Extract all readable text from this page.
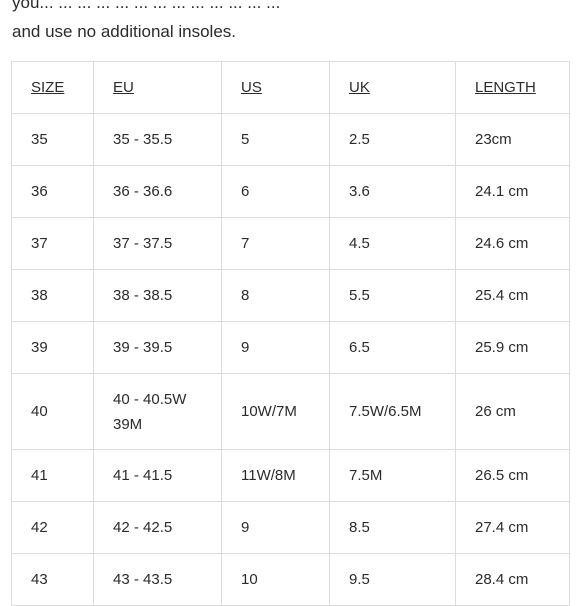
you... ... ... ... ... ... ... ... ... ... ... ... ...
and use no additional insoles.

SIZE	EU	US	UK	LENGTH
35	35 - 35.5	5	2.5	23cm
36	36 - 36.6	6	3.6	24.1 cm
37	37 - 37.5	7	4.5	24.6 cm
38	38 - 38.5	8	5.5	25.4 cm
39	39 - 39.5	9	6.5	25.9 cm
40	40 - 40.5W 39M	10W/7M	7.5W/6.5M	26 cm
41	41 - 41.5	11W/8M	7.5M	26.5 cm
42	42 - 42.5	9	8.5	27.4 cm
43	43 - 43.5	10	9.5	28.4 cm
